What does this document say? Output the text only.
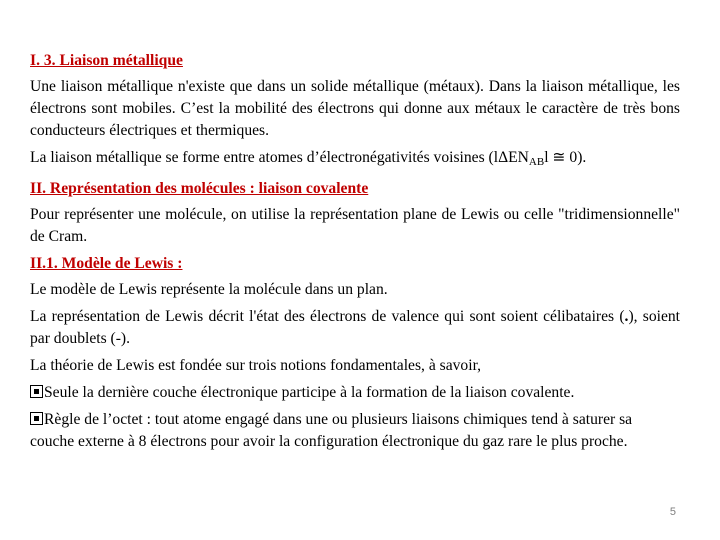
I. 3. Liaison métallique

Une liaison métallique n'existe que dans un solide métallique (métaux). Dans la liaison métallique, les électrons sont mobiles. C’est la mobilité des électrons qui donne aux métaux le caractère de très bons conducteurs électriques et thermiques.

La liaison métallique se forme entre atomes d’électronégativités voisines (lΔEN$_{AB}$l ≅ 0).

II. Représentation des molécules : liaison covalente

Pour représenter une molécule, on utilise la représentation plane de Lewis ou celle "tridimensionnelle" de Cram.

II.1. Modèle de Lewis :

Le modèle de Lewis représente la molécule dans un plan.

La représentation de Lewis décrit l'état des électrons de valence qui sont soient célibataires (.), soient par doublets (-).

La théorie de Lewis est fondée sur trois notions fondamentales, à savoir,

Seule la dernière couche électronique participe à la formation de la liaison covalente.

Règle de l’octet : tout atome engagé dans une ou plusieurs liaisons chimiques tend à saturer sa couche externe à 8 électrons pour avoir la configuration électronique du gaz rare le plus proche.

5
